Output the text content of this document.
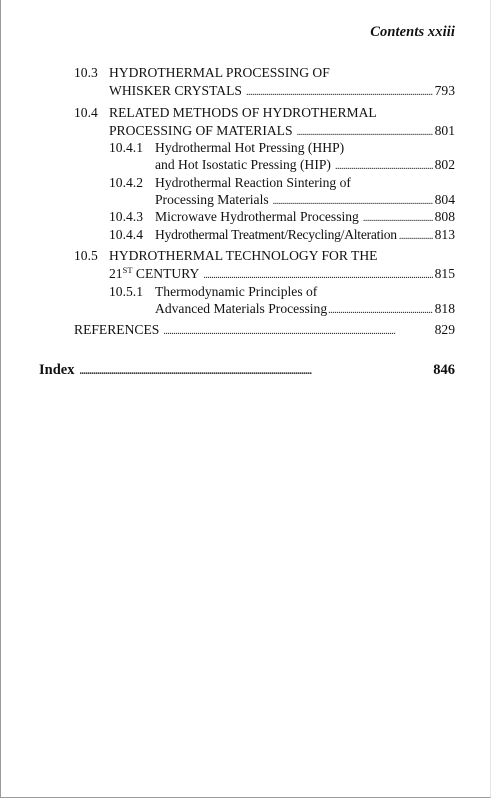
Contents xxiii
10.3 HYDROTHERMAL PROCESSING OF
WHISKER CRYSTALS . . .	793
10.4 RELATED METHODS OF HYDROTHERMAL
PROCESSING OF MATERIALS . . .	801
10.4.1 Hydrothermal Hot Pressing (HHP)
and Hot Isostatic Pressing (HIP) . . .	802
10.4.2 Hydrothermal Reaction Sintering of
Processing Materials . . .	804
10.4.3 Microwave Hydrothermal Processing . . .	808
10.4.4 Hydrothermal Treatment/Recycling/Alteration . . .	813
10.5 HYDROTHERMAL TECHNOLOGY FOR THE
21ST CENTURY . . .	815
10.5.1 Thermodynamic Principles of
Advanced Materials Processing . . .	818
REFERENCES . . .	829
Index . . .	846
